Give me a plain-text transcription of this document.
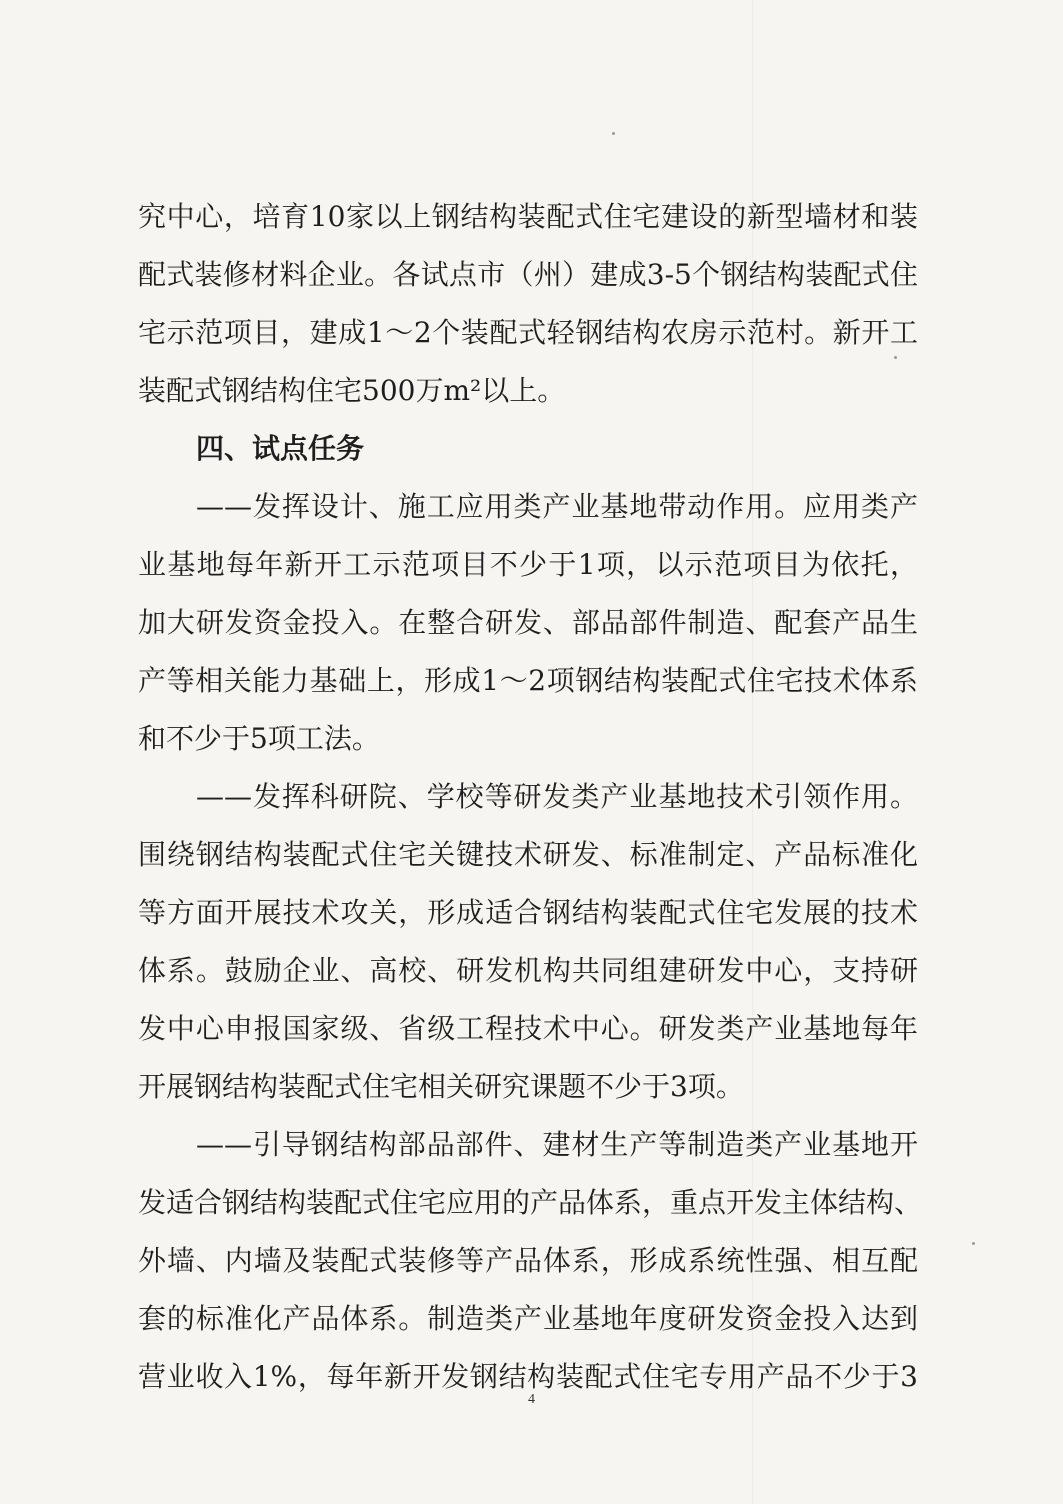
究中心，培育10家以上钢结构装配式住宅建设的新型墙材和装
配式装修材料企业。各试点市（州）建成3-5个钢结构装配式住
宅示范项目，建成1～2个装配式轻钢结构农房示范村。新开工
装配式钢结构住宅500万m²以上。
四、试点任务
——发挥设计、施工应用类产业基地带动作用。应用类产
业基地每年新开工示范项目不少于1项，以示范项目为依托，
加大研发资金投入。在整合研发、部品部件制造、配套产品生
产等相关能力基础上，形成1～2项钢结构装配式住宅技术体系
和不少于5项工法。
——发挥科研院、学校等研发类产业基地技术引领作用。
围绕钢结构装配式住宅关键技术研发、标准制定、产品标准化
等方面开展技术攻关，形成适合钢结构装配式住宅发展的技术
体系。鼓励企业、高校、研发机构共同组建研发中心，支持研
发中心申报国家级、省级工程技术中心。研发类产业基地每年
开展钢结构装配式住宅相关研究课题不少于3项。
——引导钢结构部品部件、建材生产等制造类产业基地开
发适合钢结构装配式住宅应用的产品体系，重点开发主体结构、
外墙、内墙及装配式装修等产品体系，形成系统性强、相互配
套的标准化产品体系。制造类产业基地年度研发资金投入达到
营业收入1%，每年新开发钢结构装配式住宅专用产品不少于3
4
